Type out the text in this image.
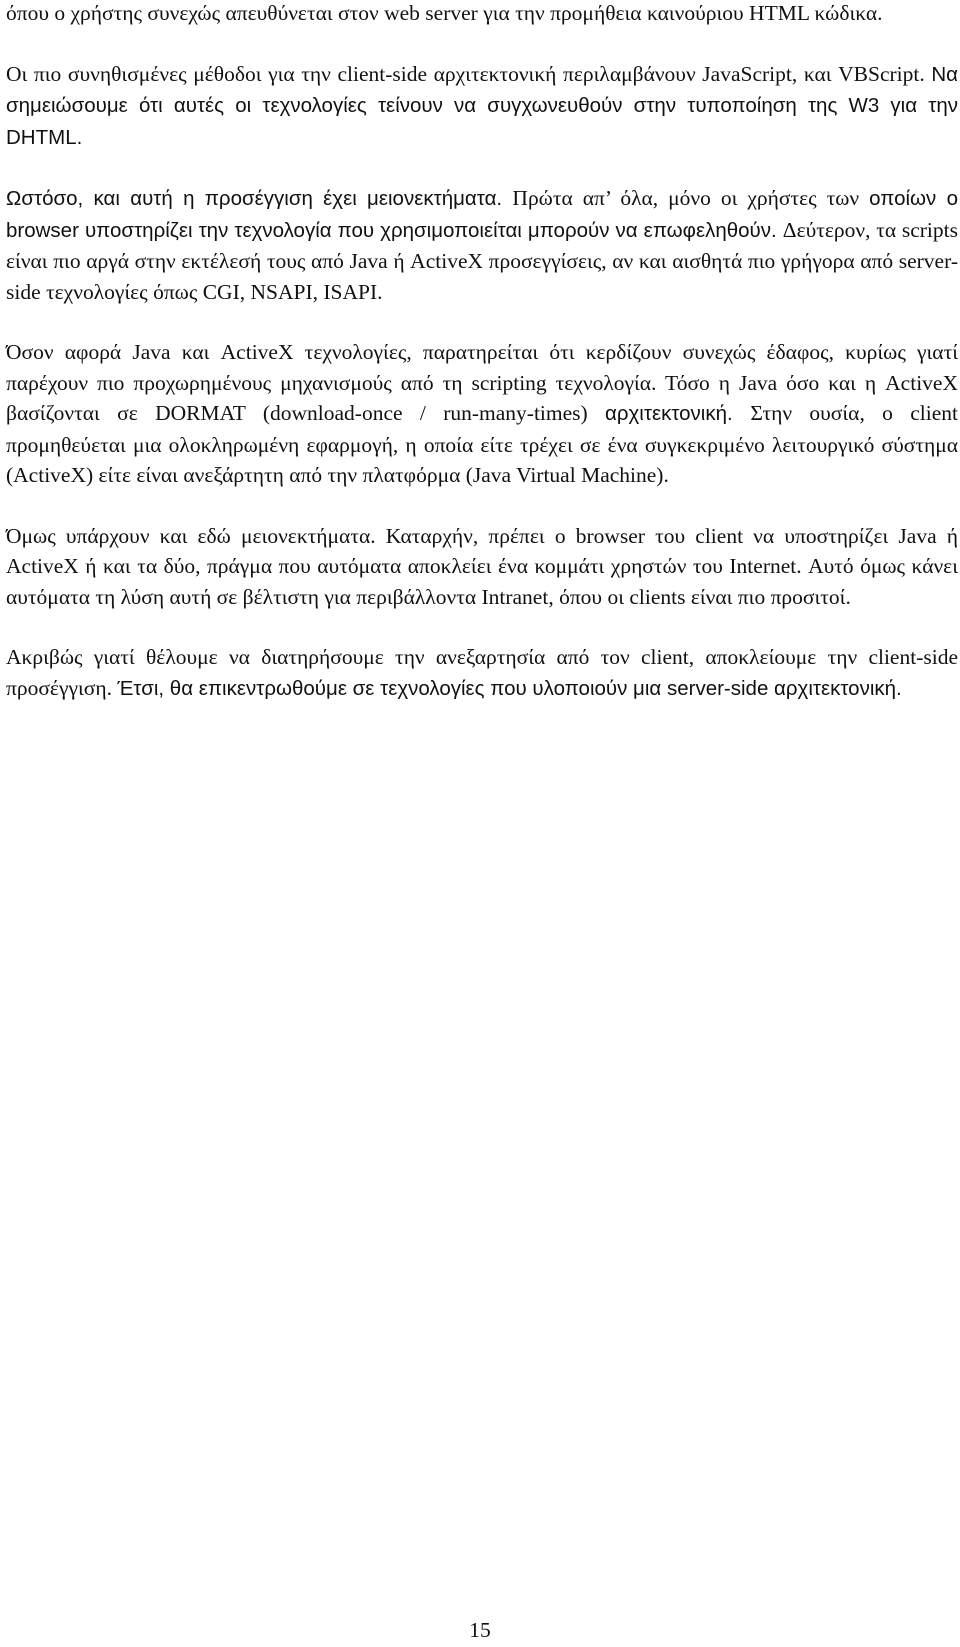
όπου ο χρήστης συνεχώς απευθύνεται στον web server για την προμήθεια καινούριου HTML κώδικα.

Οι πιο συνηθισμένες μέθοδοι για την client-side αρχιτεκτονική περιλαμβάνουν JavaScript, και VBScript. Να σημειώσουμε ότι αυτές οι τεχνολογίες τείνουν να συγχωνευθούν στην τυποποίηση της W3 για την DHTML.

Ωστόσο, και αυτή η προσέγγιση έχει μειονεκτήματα. Πρώτα απ’ όλα, μόνο οι χρήστες των οποίων ο browser υποστηρίζει την τεχνολογία που χρησιμοποιείται μπορούν να επωφεληθούν. Δεύτερον, τα scripts είναι πιο αργά στην εκτέλεσή τους από Java ή ActiveX προσεγγίσεις, αν και αισθητά πιο γρήγορα από server-side τεχνολογίες όπως CGI, NSAPI, ISAPI.

Όσον αφορά Java και ActiveX τεχνολογίες, παρατηρείται ότι κερδίζουν συνεχώς έδαφος, κυρίως γιατί παρέχουν πιο προχωρημένους μηχανισμούς από τη scripting τεχνολογία. Τόσο η Java όσο και η ActiveX βασίζονται σε DORMAT (download-once / run-many-times) αρχιτεκτονική. Στην ουσία, ο client προμηθεύεται μια ολοκληρωμένη εφαρμογή, η οποία είτε τρέχει σε ένα συγκεκριμένο λειτουργικό σύστημα (ActiveX) είτε είναι ανεξάρτητη από την πλατφόρμα (Java Virtual Machine).

Όμως υπάρχουν και εδώ μειονεκτήματα. Καταρχήν, πρέπει ο browser του client να υποστηρίζει Java ή ActiveX ή και τα δύο, πράγμα που αυτόματα αποκλείει ένα κομμάτι χρηστών του Internet. Αυτό όμως κάνει αυτόματα τη λύση αυτή σε βέλτιστη για περιβάλλοντα Intranet, όπου οι clients είναι πιο προσιτοί.

Ακριβώς γιατί θέλουμε να διατηρήσουμε την ανεξαρτησία από τον client, αποκλείουμε την client-side προσέγγιση. Έτσι, θα επικεντρωθούμε σε τεχνολογίες που υλοποιούν μια server-side αρχιτεκτονική.

15
